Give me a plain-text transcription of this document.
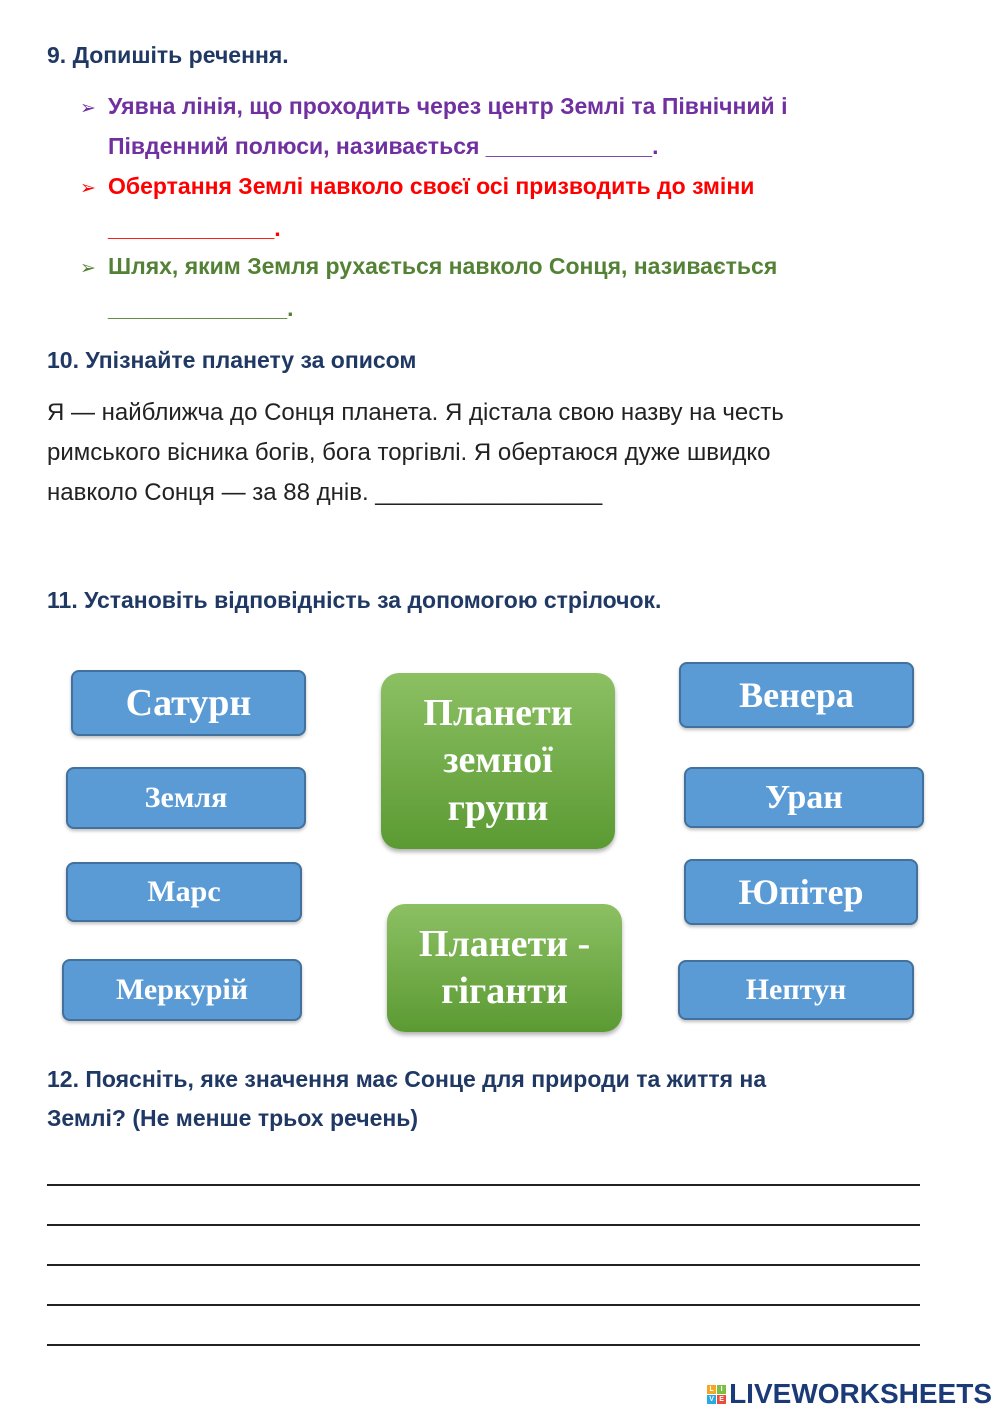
9. Допишіть речення.
➢ Уявна лінія, що проходить через центр Землі та Північний і
Південний полюси, називається _____________.
➢ Обертання Землі навколо своєї осі призводить до зміни
_____________.
➢ Шлях, яким Земля рухається навколо Сонця, називається
______________.
10. Упізнайте планету за описом
Я — найближча до Сонця планета. Я дістала свою назву на честь
римського вісника богів, бога торгівлі. Я обертаюся дуже швидко
навколо Сонця — за 88 днів. _________________
11. Установіть відповідність за допомогою стрілочок.
Сатурн
Земля
Марс
Меркурій
Венера
Уран
Юпітер
Нептун
Планети
земної
групи
Планети -
гіганти
12. Поясніть, яке значення має Сонце для природи та життя на
Землі? (Не менше трьох речень)
L I
V E LIVEWORKSHEETS
